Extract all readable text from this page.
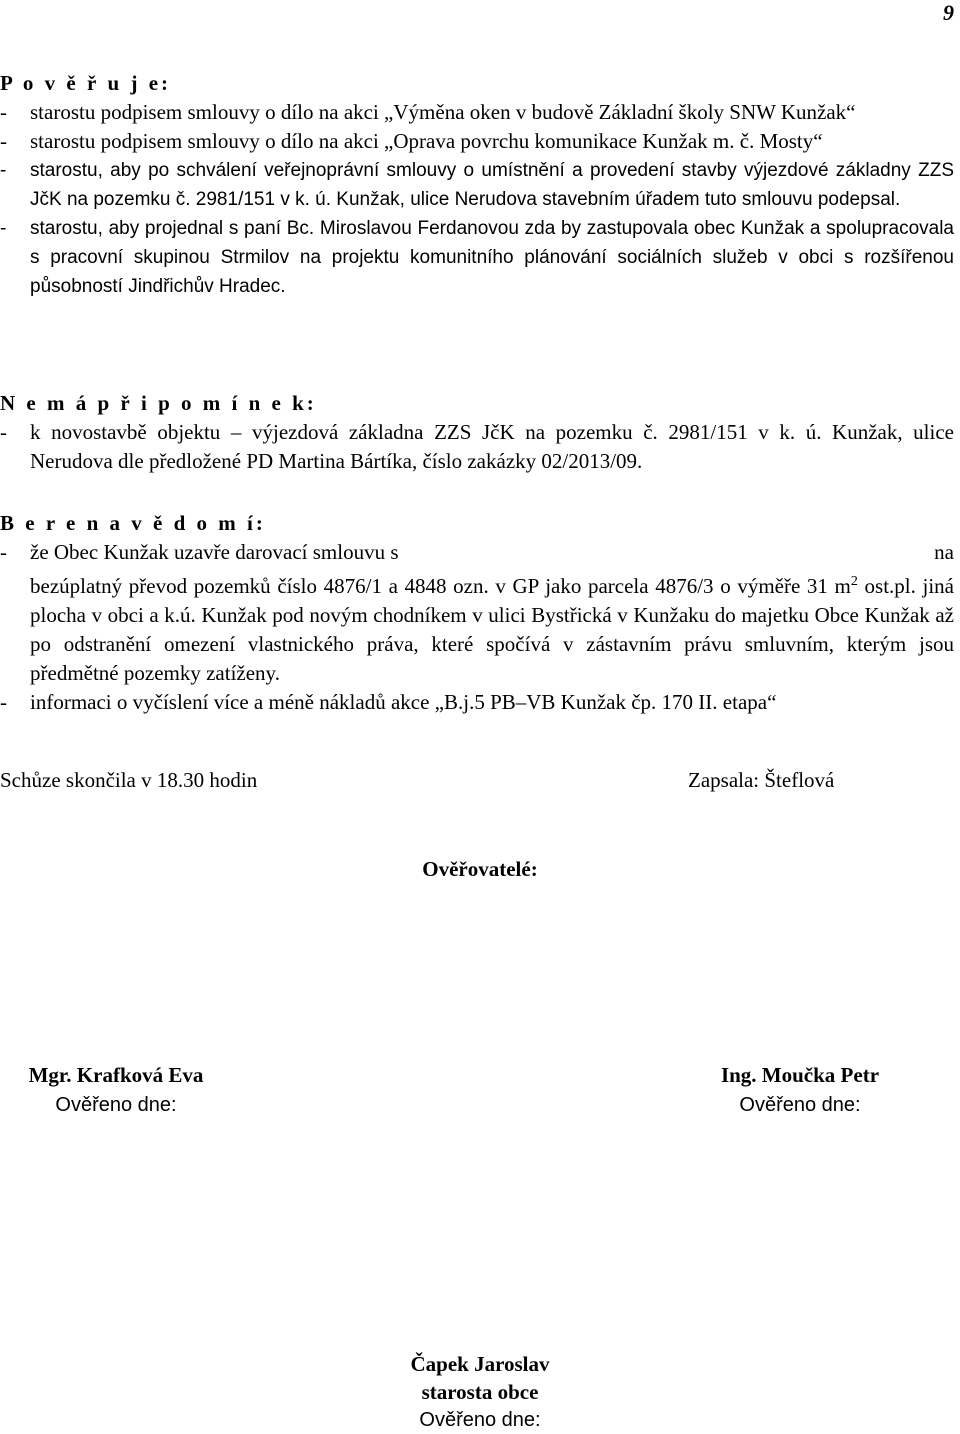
9
P o v ě ř u j e:
- starostu podpisem smlouvy o dílo na akci „Výměna oken v budově Základní školy SNW Kunžak“
- starostu podpisem smlouvy o dílo na akci „Oprava povrchu komunikace Kunžak m. č. Mosty“
- starostu, aby po schválení veřejnoprávní smlouvy o umístnění a provedení stavby výjezdové základny ZZS JčK na pozemku č. 2981/151 v k. ú. Kunžak, ulice Nerudova stavebním úřadem tuto smlouvu podepsal.
- starostu, aby projednal s paní Bc. Miroslavou Ferdanovou zda by zastupovala obec Kunžak a spolupracovala s pracovní skupinou Strmilov na projektu komunitního plánování sociálních služeb v obci s rozšířenou působností Jindřichův Hradec.
N e m á p ř i p o m í n e k:
- k novostavbě objektu – výjezdová základna ZZS JčK na pozemku č. 2981/151 v k. ú. Kunžak, ulice Nerudova dle předložené PD Martina Bártíka, číslo zakázky 02/2013/09.
B e r e n a v ě d o m í:
- že Obec Kunžak uzavře darovací smlouvu s	na
bezúplatný převod pozemků číslo 4876/1 a 4848 ozn. v GP jako parcela 4876/3 o výměře 31 $m^2$ ost.pl. jiná plocha v obci a k.ú. Kunžak pod novým chodníkem v ulici Bystřická v Kunžaku do majetku Obce Kunžak až po odstranění omezení vlastnického práva, které spočívá v zástavním právu smluvním, kterým jsou předmětné pozemky zatíženy.
- informaci o vyčíslení více a méně nákladů akce „B.j.5 PB–VB Kunžak čp. 170 II. etapa“
Schůze skončila v 18.30 hodin	Zapsala: Šteflová
Ověřovatelé:
Mgr. Krafková Eva
Ověřeno dne:
Ing. Moučka Petr
Ověřeno dne:
Čapek Jaroslav
starosta obce
Ověřeno dne:
